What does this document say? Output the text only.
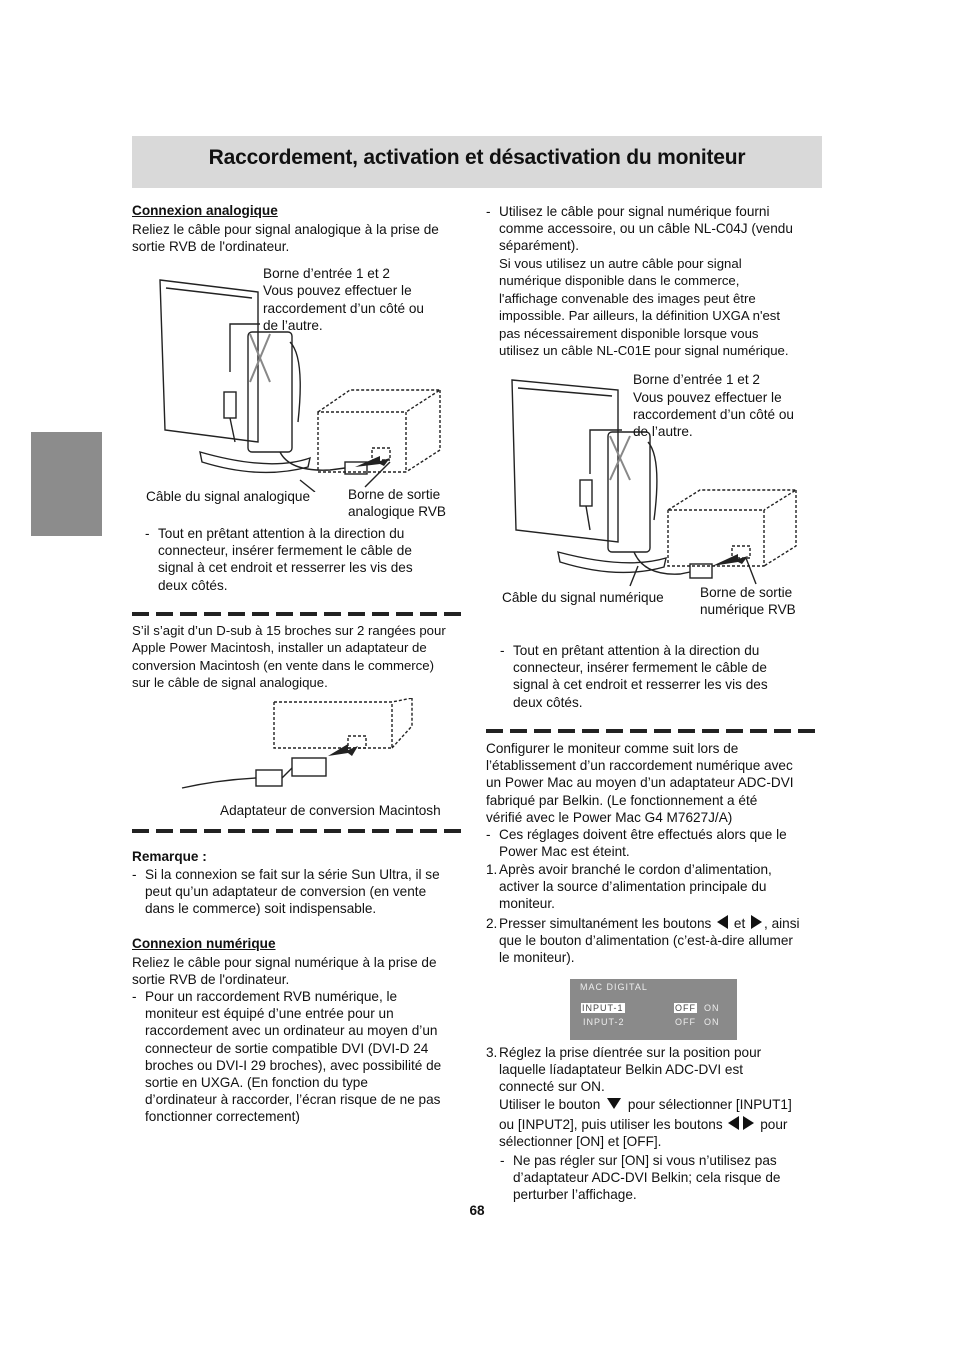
Raccordement, activation et désactivation du moniteur
Connexion analogique
Reliez le câble pour signal analogique à la prise de
sortie RVB de l'ordinateur.
Borne d’entrée 1 et 2
Vous pouvez effectuer le
raccordement d’un côté ou
de l’autre.
Câble du signal analogique	Borne de sortie
analogique RVB
- Tout en prêtant attention à la direction du
connecteur, insérer fermement le câble de
signal à cet endroit et resserrer les vis des
deux côtés.
S’il s’agit d’un D-sub à 15 broches sur 2 rangées pour
Apple Power Macintosh, installer un adaptateur de
conversion Macintosh (en vente dans le commerce)
sur le câble de signal analogique.
Adaptateur de conversion Macintosh
Remarque :
- Si la connexion se fait sur la série Sun Ultra, il se
peut qu’un adaptateur de conversion (en vente
dans le commerce) soit indispensable.
Connexion numérique
Reliez le câble pour signal numérique à la prise de
sortie RVB de l'ordinateur.
- Pour un raccordement RVB numérique, le
moniteur est équipé d’une entrée pour un
raccordement avec un ordinateur au moyen d’un
connecteur de sortie compatible DVI (DVI-D 24
broches ou DVI-I 29 broches), avec possibilité de
sortie en UXGA. (En fonction du type
d’ordinateur à raccorder, l’écran risque de ne pas
fonctionner correctement)
- Utilisez le câble pour signal numérique fourni
comme accessoire, ou un câble NL-C04J (vendu
séparément).
Si vous utilisez un autre câble pour signal
numérique disponible dans le commerce,
l'affichage convenable des images peut être
impossible. Par ailleurs, la définition UXGA n'est
pas nécessairement disponible lorsque vous
utilisez un câble NL-C01E pour signal numérique.
Borne d’entrée 1 et 2
Vous pouvez effectuer le
raccordement d’un côté ou
de l’autre.
Câble du signal numérique	Borne de sortie
numérique RVB
- Tout en prêtant attention à la direction du
connecteur, insérer fermement le câble de
signal à cet endroit et resserrer les vis des
deux côtés.
Configurer le moniteur comme suit lors de
l’établissement d’un raccordement numérique avec
un Power Mac au moyen d’un adaptateur ADC-DVI
fabriqué par Belkin. (Le fonctionnement a été
vérifié avec le Power Mac G4 M7627J/A)
- Ces réglages doivent être effectués alors que le
Power Mac est éteint.
1. Après avoir branché le cordon d’alimentation,
activer la source d’alimentation principale du
moniteur.
2. Presser simultanément les boutons et , ainsi
que le bouton d’alimentation (c’est-à-dire allumer
le moniteur).
MAC DIGITAL
INPUT-1	OFF ON
INPUT-2	OFF ON
3. Réglez la prise díentrée sur la position pour
laquelle líadaptateur Belkin ADC-DVI est
connecté sur ON.
Utiliser le bouton pour sélectionner [INPUT1]
ou [INPUT2], puis utiliser les boutons	pour
sélectionner [ON] et [OFF].
- Ne pas régler sur [ON] si vous n’utilisez pas
d’adaptateur ADC-DVI Belkin; cela risque de
perturber l’affichage.
68
